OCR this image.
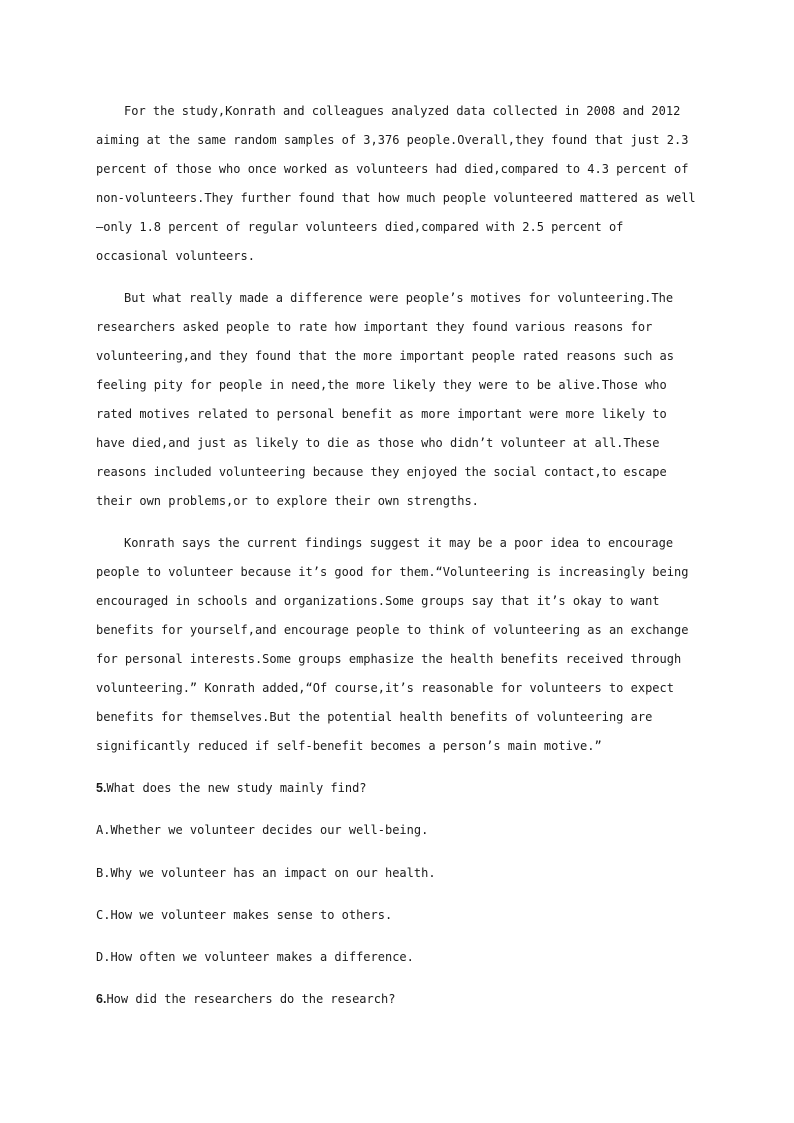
For the study,Konrath and colleagues analyzed data collected in 2008 and 2012 aiming at the same random samples of 3,376 people.Overall,they found that just 2.3 percent of those who once worked as volunteers had died,compared to 4.3 percent of non-volunteers.They further found that how much people volunteered mattered as well—only 1.8 percent of regular volunteers died,compared with 2.5 percent of occasional volunteers.

But what really made a difference were people’s motives for volunteering.The researchers asked people to rate how important they found various reasons for volunteering,and they found that the more important people rated reasons such as feeling pity for people in need,the more likely they were to be alive.Those who rated motives related to personal benefit as more important were more likely to have died,and just as likely to die as those who didn’t volunteer at all.These reasons included volunteering because they enjoyed the social contact,to escape their own problems,or to explore their own strengths.

Konrath says the current findings suggest it may be a poor idea to encourage people to volunteer because it’s good for them.“Volunteering is increasingly being encouraged in schools and organizations.Some groups say that it’s okay to want benefits for yourself,and encourage people to think of volunteering as an exchange for personal interests.Some groups emphasize the health benefits received through volunteering.” Konrath added,“Of course,it’s reasonable for volunteers to expect benefits for themselves.But the potential health benefits of volunteering are significantly reduced if self-benefit becomes a person’s main motive.”

5.What does the new study mainly find?
A.Whether we volunteer decides our well-being.
B.Why we volunteer has an impact on our health.
C.How we volunteer makes sense to others.
D.How often we volunteer makes a difference.
6.How did the researchers do the research?
